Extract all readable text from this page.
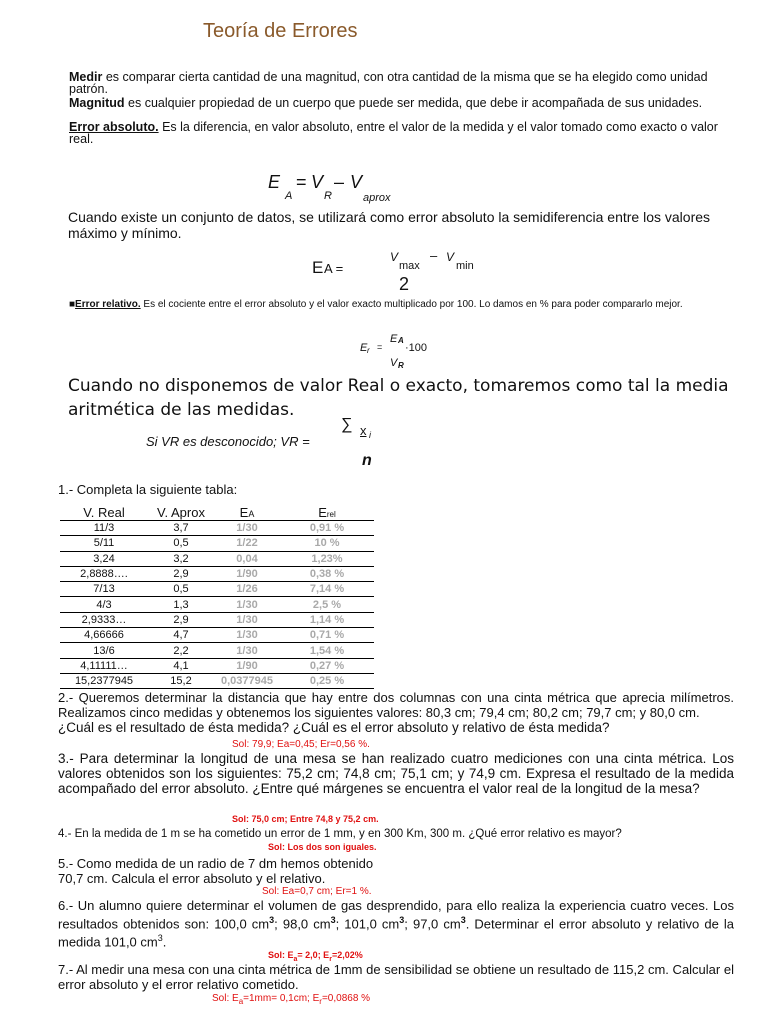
Teoría de Errores
Medir es comparar cierta cantidad de una magnitud, con otra cantidad de la misma que se ha elegido como unidad patrón.
Magnitud es cualquier propiedad de un cuerpo que puede ser medida, que debe ir acompañada de sus unidades.
Error absoluto. Es la diferencia, en valor absoluto, entre el valor de la medida y el valor tomado como exacto o valor real.
E
A
= V
R
– V
aprox
Cuando existe un conjunto de datos, se utilizará como error absoluto la semidiferencia entre los valores máximo y mínimo.
E A =
V
max
– V
min
2
■Error relativo. Es el cociente entre el error absoluto y el valor exacto multiplicado por 100. Lo damos en % para poder compararlo mejor.
E r =
E A
·100
V R
Cuando no disponemos de valor Real o exacto, tomaremos como tal la media aritmética de las medidas.
Si VR es desconocido; VR =
∑ x i
n
1.- Completa la siguiente tabla:
V. Real	V. Aprox	EA	Erel
11/3	3,7	1/30	0,91 %
5/11	0,5	1/22	10 %
3,24	3,2	0,04	1,23%
2,8888….	2,9	1/90	0,38 %
7/13	0,5	1/26	7,14 %
4/3	1,3	1/30	2,5 %
2,9333…	2,9	1/30	1,14 %
4,66666	4,7	1/30	0,71 %
13/6	2,2	1/30	1,54 %
4,11111…	4,1	1/90	0,27 %
15,2377945	15,2	0,0377945	0,25 %
2.- Queremos determinar la distancia que hay entre dos columnas con una cinta métrica que aprecia milímetros. Realizamos cinco medidas y obtenemos los siguientes valores: 80,3 cm; 79,4 cm; 80,2 cm; 79,7 cm; y 80,0 cm.
¿Cuál es el resultado de ésta medida? ¿Cuál es el error absoluto y relativo de ésta medida?
Sol: 79,9; Ea=0,45; Er=0,56 %.
3.- Para determinar la longitud de una mesa se han realizado cuatro mediciones con una cinta métrica. Los valores obtenidos son los siguientes: 75,2 cm; 74,8 cm; 75,1 cm; y 74,9 cm. Expresa el resultado de la medida acompañado del error absoluto. ¿Entre qué márgenes se encuentra el valor real de la longitud de la mesa?
Sol: 75,0 cm; Entre 74,8 y 75,2 cm.
4.- En la medida de 1 m se ha cometido un error de 1 mm, y en 300 Km, 300 m. ¿Qué error relativo es mayor?
Sol: Los dos son iguales.
5.- Como medida de un radio de 7 dm hemos obtenido
70,7 cm. Calcula el error absoluto y el relativo.
Sol: Ea=0,7 cm; Er=1 %.
6.- Un alumno quiere determinar el volumen de gas desprendido, para ello realiza la experiencia cuatro veces. Los resultados obtenidos son: 100,0 $cm^3$; 98,0 $cm^3$; 101,0 $cm^3$; 97,0 $cm^3$. Determinar el error absoluto y relativo de la medida 101,0 $cm^3$.
Sol: $E_a= 2,0$; $E_r=2,02\%$
7.- Al medir una mesa con una cinta métrica de 1mm de sensibilidad se obtiene un resultado de 115,2 cm. Calcular el error absoluto y el error relativo cometido.
Sol: $E_a=1mm= 0,1cm$; $E_r=0,0868$ %
